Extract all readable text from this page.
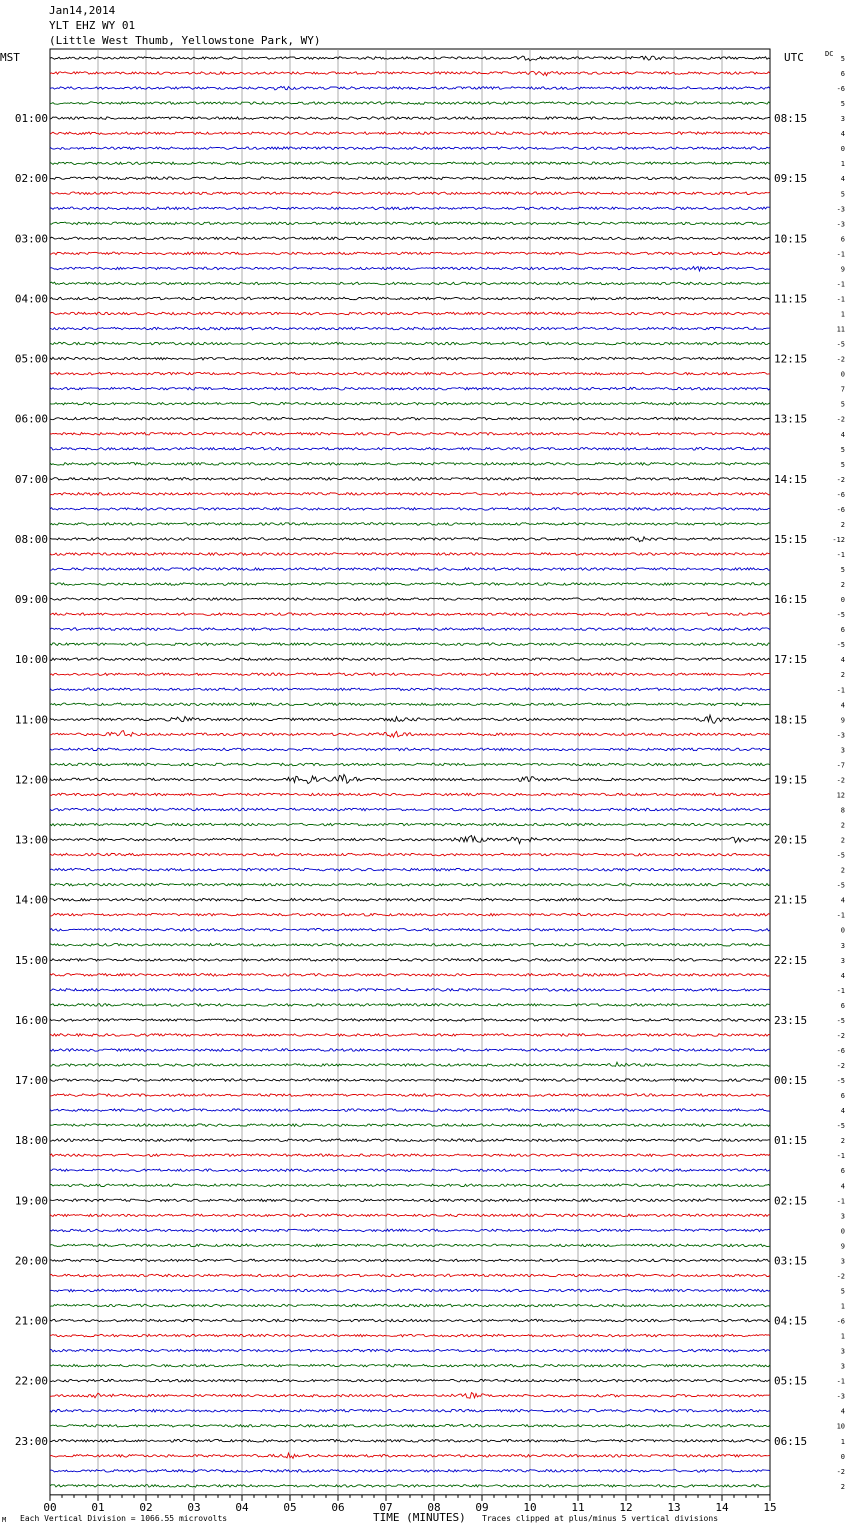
Jan14,2014
YLT EHZ WY 01
(Little West Thumb, Yellowstone Park, WY)
00	01	02	03	04	05	06	07	08	09	10	11	12	13	14	15
5
6
-6
5
3
4
0
1
4
5
-3
-3
6
-1
9
-1
-1
1
11
-5
-2
0
7
5
-2
4
5
5
-2
-6
-6
2
-12
-1
5
2
0
-5
6
-5
4
2
-1
4
9
-3
3
-7
-2
12
8
2
2
-5
2
-5
4
-1
0
3
3
4
-1
6
-5
-2
-6
-2
-5
6
4
-5
2
-1
6
4
-1
3
0
9
3
-2
5
1
-6
1
3
3
-1
-3
4
10
1
0
-2
2
MST	UTC	DC
01:00
02:00
03:00
04:00
05:00
06:00
07:00
08:00
09:00
10:00
11:00
12:00
13:00
14:00
15:00
16:00
17:00
18:00
19:00
20:00
21:00
22:00
23:00
08:15
09:15
10:15
11:15
12:15
13:15
14:15
15:15
16:15
17:15
18:15
19:15
20:15
21:15
22:15
23:15
00:15
01:15
02:15
03:15
04:15
05:15
06:15
M Each Vertical Division = 1066.55 microvolts	TIME (MINUTES) Traces clipped at plus/minus 5 vertical divisions
